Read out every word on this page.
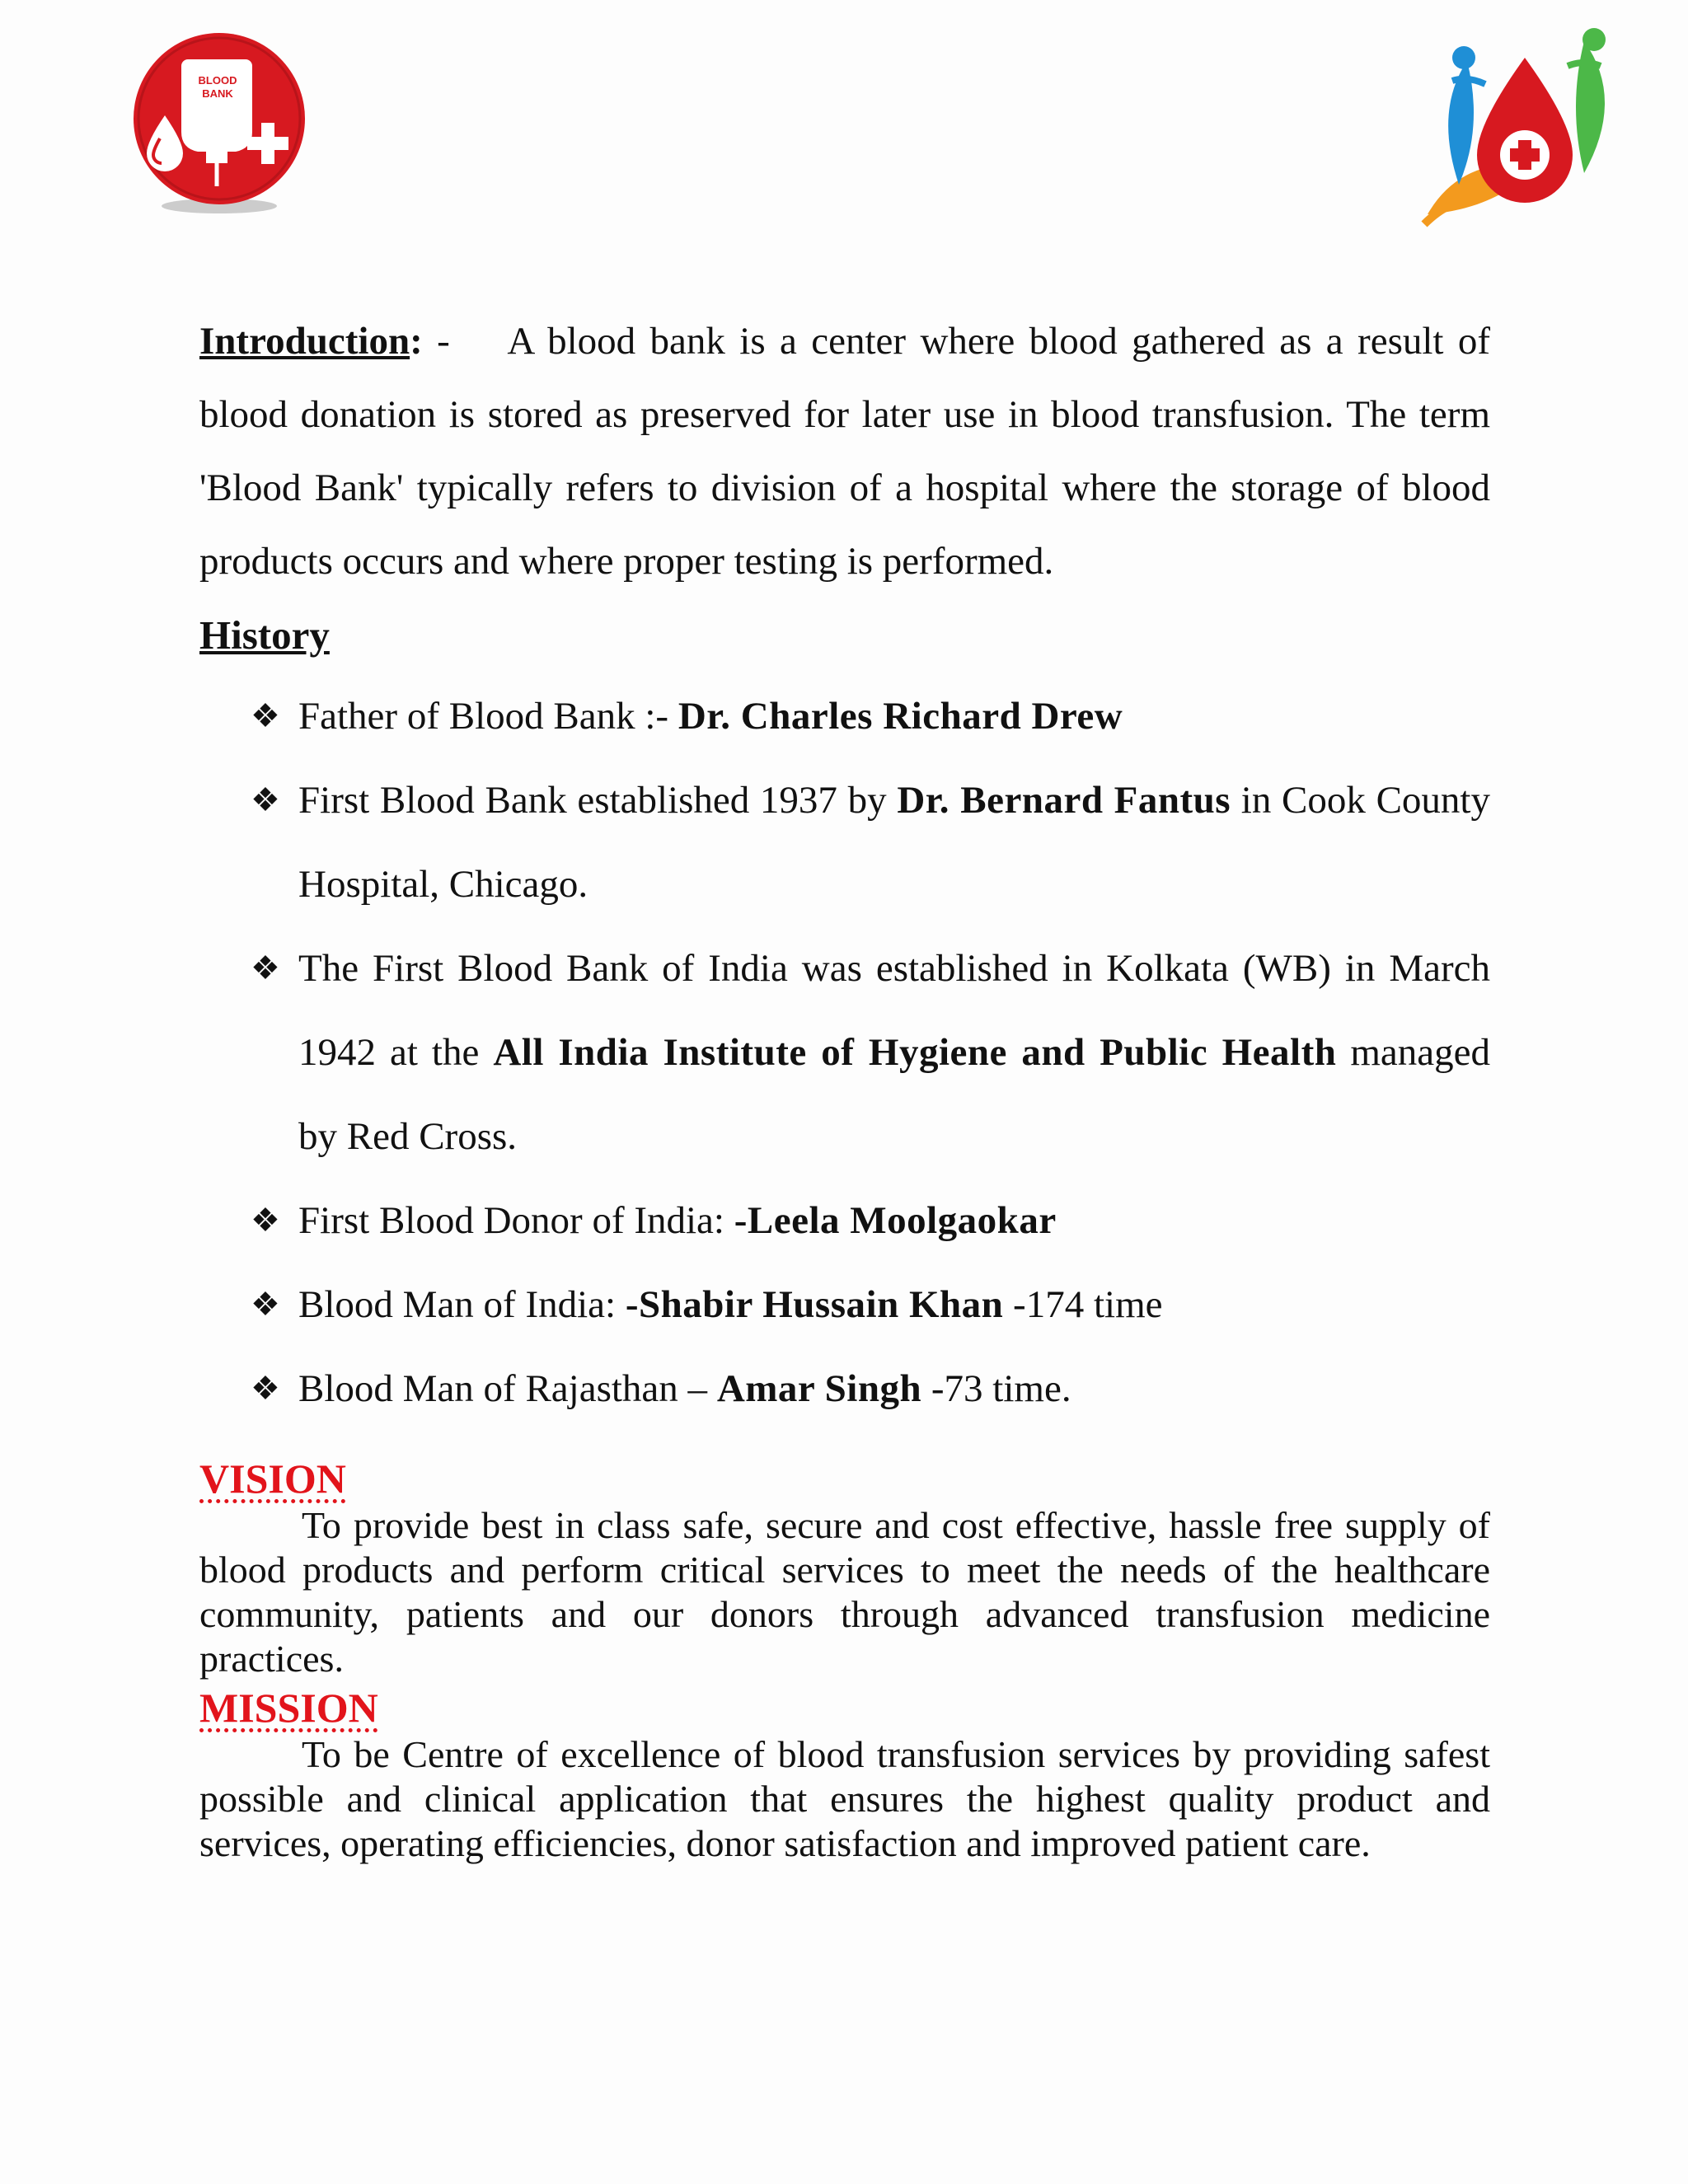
BLOOD
BANK

Introduction: -    A blood bank is a center where blood gathered as a result of blood donation is stored as preserved for later use in blood transfusion. The term 'Blood Bank' typically refers to division of a hospital where the storage of blood products occurs and where proper testing is performed.

History
❖ Father of Blood Bank :- Dr. Charles Richard Drew
❖ First Blood Bank established 1937 by Dr. Bernard Fantus in Cook County Hospital, Chicago.
❖ The First Blood Bank of India was established in Kolkata (WB) in March 1942 at the All India Institute of Hygiene and Public Health managed by Red Cross.
❖ First Blood Donor of India: -Leela Moolgaokar
❖ Blood Man of India: -Shabir Hussain Khan -174 time
❖ Blood Man of Rajasthan – Amar Singh -73 time.
VISION

To provide best in class safe, secure and cost effective, hassle free supply of blood products and perform critical services to meet the needs of the healthcare community, patients and our donors through advanced transfusion medicine practices.

MISSION

To be Centre of excellence of blood transfusion services by providing safest possible and clinical application that ensures the highest quality product and services, operating efficiencies, donor satisfaction and improved patient care.
